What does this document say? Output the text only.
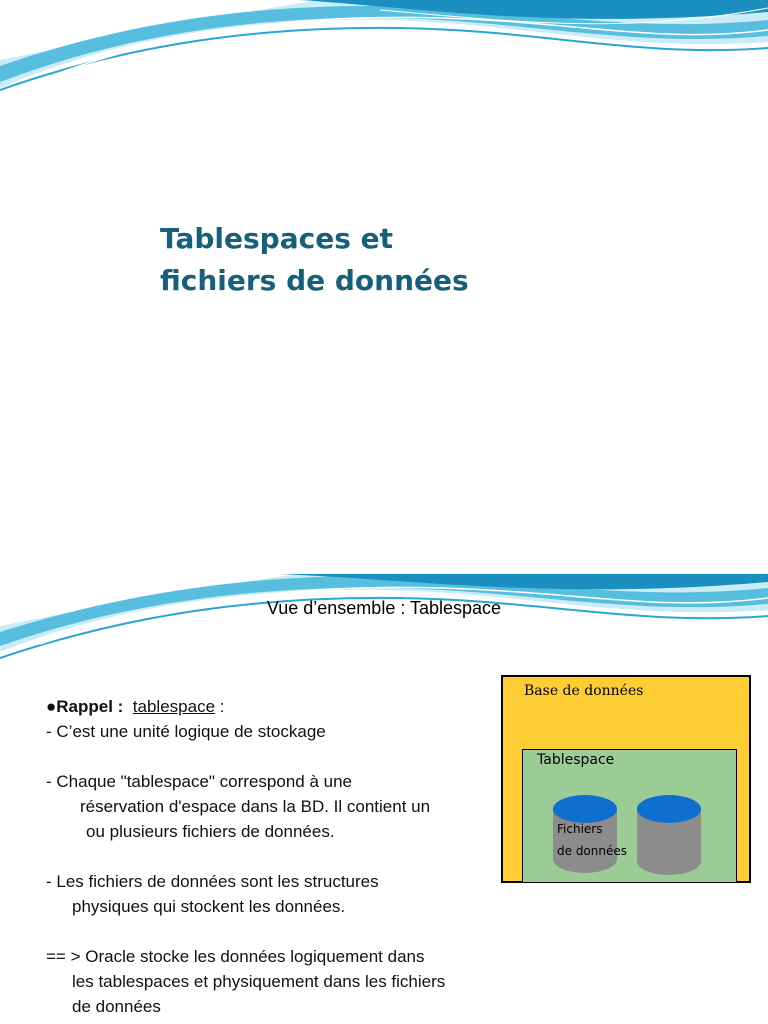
Tablespaces et
fichiers de données
Vue d’ensemble : Tablespace

●Rappel : tablespace :

- C’est une unité logique de stockage

- Chaque "tablespace" correspond à une

réservation d'espace dans la BD. Il contient un

ou plusieurs fichiers de données.

- Les fichiers de données sont les structures

physiques qui stockent les données.

== > Oracle stocke les données logiquement dans

les tablespaces et physiquement dans les fichiers

de données

Base de données
Tablespace
Fichiers
de données
